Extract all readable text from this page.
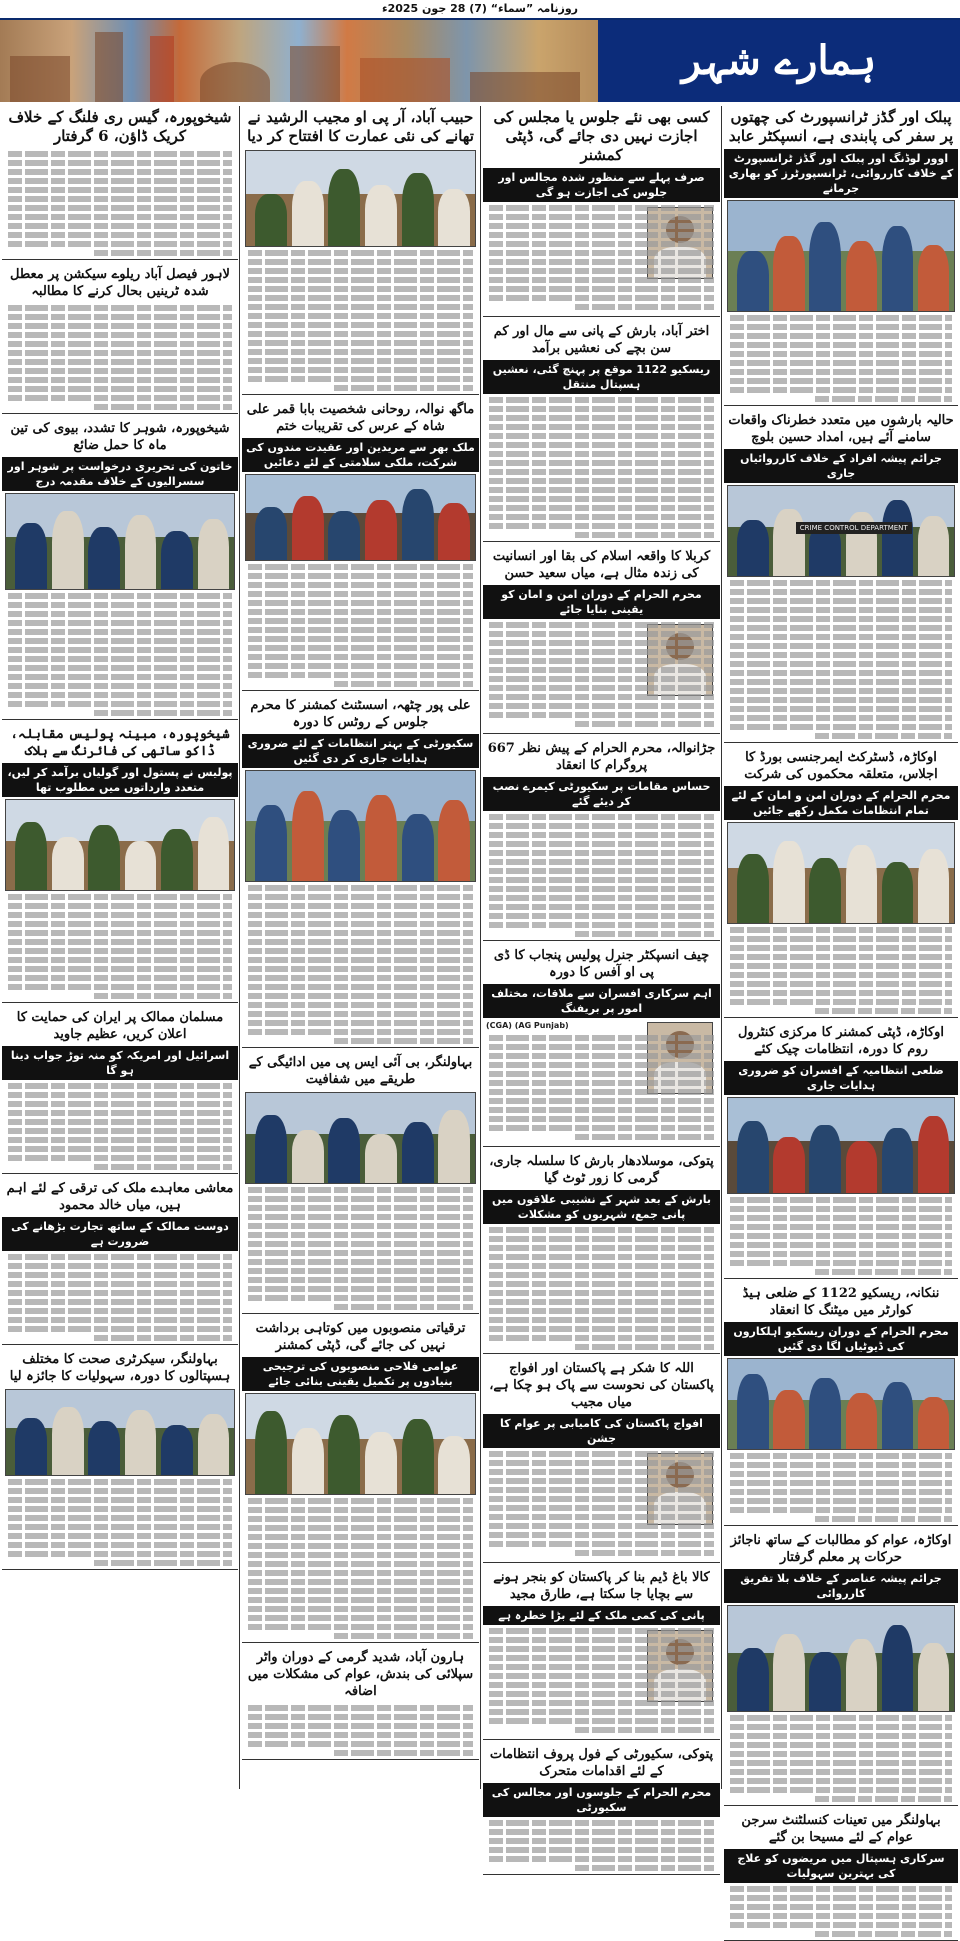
روزنامہ ”سماء“ (7) 28 جون 2025ء
ہمارے شہر
پبلک اور گڈز ٹرانسپورٹ کی چھتوں پر سفر کی پابندی ہے، انسپکٹر عابد
اوور لوڈنگ اور پبلک اور گڈز ٹرانسپورٹ کے خلاف کارروائی، ٹرانسپورٹرز کو بھاری جرمانے
حالیہ بارشوں میں متعدد خطرناک واقعات سامنے آئے ہیں، امداد حسین بلوچ
جرائم پیشہ افراد کے خلاف کارروائیاں جاری
CRIME CONTROL DEPARTMENT
اوکاڑہ، ڈسٹرکٹ ایمرجنسی بورڈ کا اجلاس، متعلقہ محکموں کی شرکت
محرم الحرام کے دوران امن و امان کے لئے تمام انتظامات مکمل رکھے جائیں
اوکاڑہ، ڈپٹی کمشنر کا مرکزی کنٹرول روم کا دورہ، انتظامات چیک کئے
ضلعی انتظامیہ کے افسران کو ضروری ہدایات جاری
ننکانہ، ریسکیو 1122 کے ضلعی ہیڈ کوارٹر میں میٹنگ کا انعقاد
محرم الحرام کے دوران ریسکیو اہلکاروں کی ڈیوٹیاں لگا دی گئیں
اوکاڑہ، عوام کو مطالبات کے ساتھ ناجائز حرکات پر معلم گرفتار
جرائم پیشہ عناصر کے خلاف بلا تفریق کارروائی
بہاولنگر میں تعینات کنسلٹنٹ سرجن عوام کے لئے مسیحا بن گئے
سرکاری ہسپتال میں مریضوں کو علاج کی بہترین سہولیات
کسی بھی نئے جلوس یا مجلس کی اجازت نہیں دی جائے گی، ڈپٹی کمشنر
صرف پہلے سے منظور شدہ مجالس اور جلوس کی اجازت ہو گی
اختر آباد، بارش کے پانی سے مال اور کم سن بچے کی نعشیں برآمد
ریسکیو 1122 موقع پر پہنچ گئی، نعشیں ہسپتال منتقل
کربلا کا واقعہ اسلام کی بقا اور انسانیت کی زندہ مثال ہے، میاں سعید حسن
محرم الحرام کے دوران امن و امان کو یقینی بنایا جائے
جڑانوالہ، محرم الحرام کے پیش نظر 667 پروگرام کا انعقاد
حساس مقامات پر سکیورٹی کیمرے نصب کر دیئے گئے
چیف انسپکٹر جنرل پولیس پنجاب کا ڈی پی او آفس کا دورہ
اہم سرکاری افسران سے ملاقات، مختلف امور پر بریفنگ
(CGA) (AG Punjab)
پتوکی، موسلادھار بارش کا سلسلہ جاری، گرمی کا زور ٹوٹ گیا
بارش کے بعد شہر کے نشیبی علاقوں میں پانی جمع، شہریوں کو مشکلات
اللہ کا شکر ہے پاکستان اور افواج پاکستان کی نحوست سے پاک ہو چکا ہے، میاں مجیب
افواج پاکستان کی کامیابی پر عوام کا جشن
کالا باغ ڈیم بنا کر پاکستان کو بنجر ہونے سے بچایا جا سکتا ہے، طارق مجید
پانی کی کمی ملک کے لئے بڑا خطرہ ہے
پتوکی، سکیورٹی کے فول پروف انتظامات کے لئے اقدامات متحرک
محرم الحرام کے جلوسوں اور مجالس کی سکیورٹی
حبیب آباد، آر پی او مجیب الرشید نے تھانے کی نئی عمارت کا افتتاح کر دیا
ماگھ نوالہ، روحانی شخصیت بابا قمر علی شاہ کے عرس کی تقریبات ختم
ملک بھر سے مریدین اور عقیدت مندوں کی شرکت، ملکی سلامتی کے لئے دعائیں
علی پور چٹھہ، اسسٹنٹ کمشنر کا محرم جلوس کے روٹس کا دورہ
سکیورٹی کے بہتر انتظامات کے لئے ضروری ہدایات جاری کر دی گئیں
بہاولنگر، بی آئی ایس پی میں ادائیگی کے طریقے میں شفافیت
ترقیاتی منصوبوں میں کوتاہی برداشت نہیں کی جائے گی، ڈپٹی کمشنر
عوامی فلاحی منصوبوں کی ترجیحی بنیادوں پر تکمیل یقینی بنائی جائے
ہارون آباد، شدید گرمی کے دوران واٹر سپلائی کی بندش، عوام کی مشکلات میں اضافہ
شیخوپورہ، گیس ری فلنگ کے خلاف کریک ڈاؤن، 6 گرفتار
لاہور فیصل آباد ریلوے سیکشن پر معطل شدہ ٹرینیں بحال کرنے کا مطالبہ
شیخوپورہ، شوہر کا تشدد، بیوی کی تین ماہ کا حمل ضائع
خاتون کی تحریری درخواست پر شوہر اور سسرالیوں کے خلاف مقدمہ درج
شیخوپورہ، مبینہ پولیس مقابلہ، ڈاکو ساتھی کی فائرنگ سے ہلاک
پولیس نے پستول اور گولیاں برآمد کر لیں، متعدد وارداتوں میں مطلوب تھا
مسلمان ممالک پر ایران کی حمایت کا اعلان کریں، عظیم جاوید
اسرائیل اور امریکہ کو منہ توڑ جواب دینا ہو گا
معاشی معاہدے ملک کی ترقی کے لئے اہم ہیں، میاں خالد محمود
دوست ممالک کے ساتھ تجارت بڑھانے کی ضرورت ہے
بہاولنگر، سیکرٹری صحت کا مختلف ہسپتالوں کا دورہ، سہولیات کا جائزہ لیا
